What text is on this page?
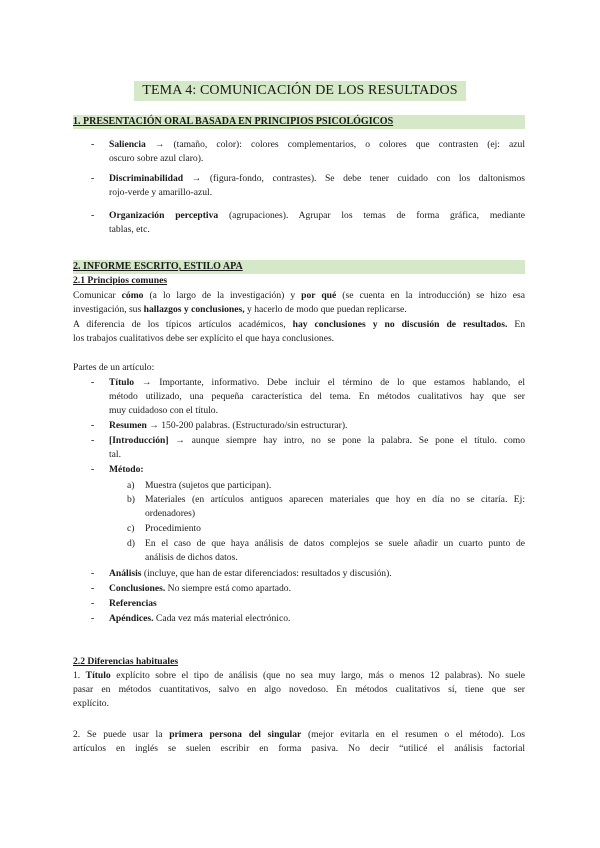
TEMA 4: COMUNICACIÓN DE LOS RESULTADOS
1. PRESENTACIÓN ORAL BASADA EN PRINCIPIOS PSICOLÓGICOS
- Saliencia → (tamaño, color): colores complementarios, o colores que contrasten (ej: azul
oscuro sobre azul claro).
- Discriminabilidad → (figura-fondo, contrastes). Se debe tener cuidado con los daltonismos
rojo-verde y amarillo-azul.
- Organización perceptiva (agrupaciones). Agrupar los temas de forma gráfica, mediante
tablas, etc.
2. INFORME ESCRITO, ESTILO APA
2.1 Principios comunes
Comunicar cómo (a lo largo de la investigación) y por qué (se cuenta en la introducción) se hizo esa
investigación, sus hallazgos y conclusiones, y hacerlo de modo que puedan replicarse.
A diferencia de los típicos artículos académicos, hay conclusiones y no discusión de resultados. En
los trabajos cualitativos debe ser explícito el que haya conclusiones.
Partes de un artículo:
- Título → Importante, informativo. Debe incluir el término de lo que estamos hablando, el
método utilizado, una pequeña característica del tema. En métodos cualitativos hay que ser
muy cuidadoso con el título.
- Resumen → 150-200 palabras. (Estructurado/sin estructurar).
- [Introducción] → aunque siempre hay intro, no se pone la palabra. Se pone el título. como
tal.
- Método:
a) Muestra (sujetos que participan).
b) Materiales (en artículos antiguos aparecen materiales que hoy en día no se citaría. Ej:
ordenadores)
c) Procedimiento
d) En el caso de que haya análisis de datos complejos se suele añadir un cuarto punto de
análisis de dichos datos.
- Análisis (incluye, que han de estar diferenciados: resultados y discusión).
- Conclusiones. No siempre está como apartado.
- Referencias
- Apéndices. Cada vez más material electrónico.
2.2 Diferencias habituales
1. Título explícito sobre el tipo de análisis (que no sea muy largo, más o menos 12 palabras). No suele
pasar en métodos cuantitativos, salvo en algo novedoso. En métodos cualitativos sí, tiene que ser
explícito.
2. Se puede usar la primera persona del singular (mejor evitarla en el resumen o el método). Los
artículos en inglés se suelen escribir en forma pasiva. No decir “utilicé el análisis factorial
